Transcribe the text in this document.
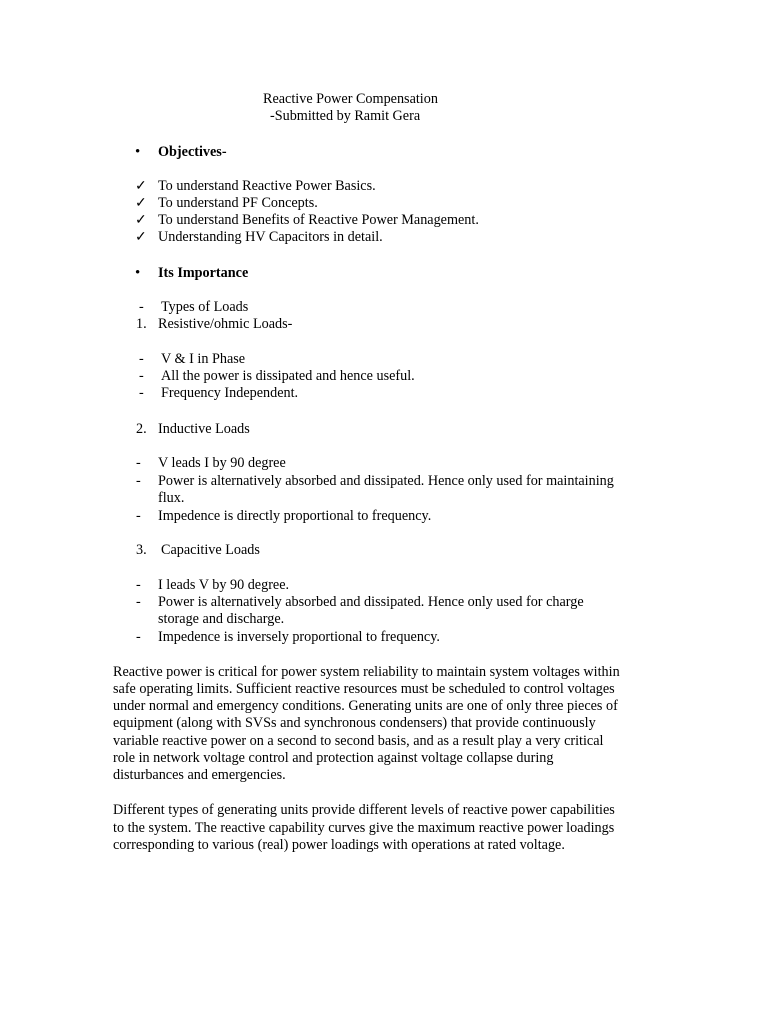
Reactive Power Compensation
-Submitted by Ramit Gera
• Objectives-
✓ To understand Reactive Power Basics.
✓ To understand PF Concepts.
✓ To understand Benefits of Reactive Power Management.
✓ Understanding HV Capacitors in detail.
• Its Importance
- Types of Loads
1. Resistive/ohmic Loads-
- V & I in Phase
- All the power is dissipated and hence useful.
- Frequency Independent.
2. Inductive Loads
- V leads I by 90 degree
- Power is alternatively absorbed and dissipated. Hence only used for maintaining
flux.
- Impedence is directly proportional to frequency.
3. Capacitive Loads
- I leads V by 90 degree.
- Power is alternatively absorbed and dissipated. Hence only used for charge
storage and discharge.
- Impedence is inversely proportional to frequency.
Reactive power is critical for power system reliability to maintain system voltages within
safe operating limits. Sufficient reactive resources must be scheduled to control voltages
under normal and emergency conditions. Generating units are one of only three pieces of
equipment (along with SVSs and synchronous condensers) that provide continuously
variable reactive power on a second to second basis, and as a result play a very critical
role in network voltage control and protection against voltage collapse during
disturbances and emergencies.
Different types of generating units provide different levels of reactive power capabilities
to the system. The reactive capability curves give the maximum reactive power loadings
corresponding to various (real) power loadings with operations at rated voltage.
